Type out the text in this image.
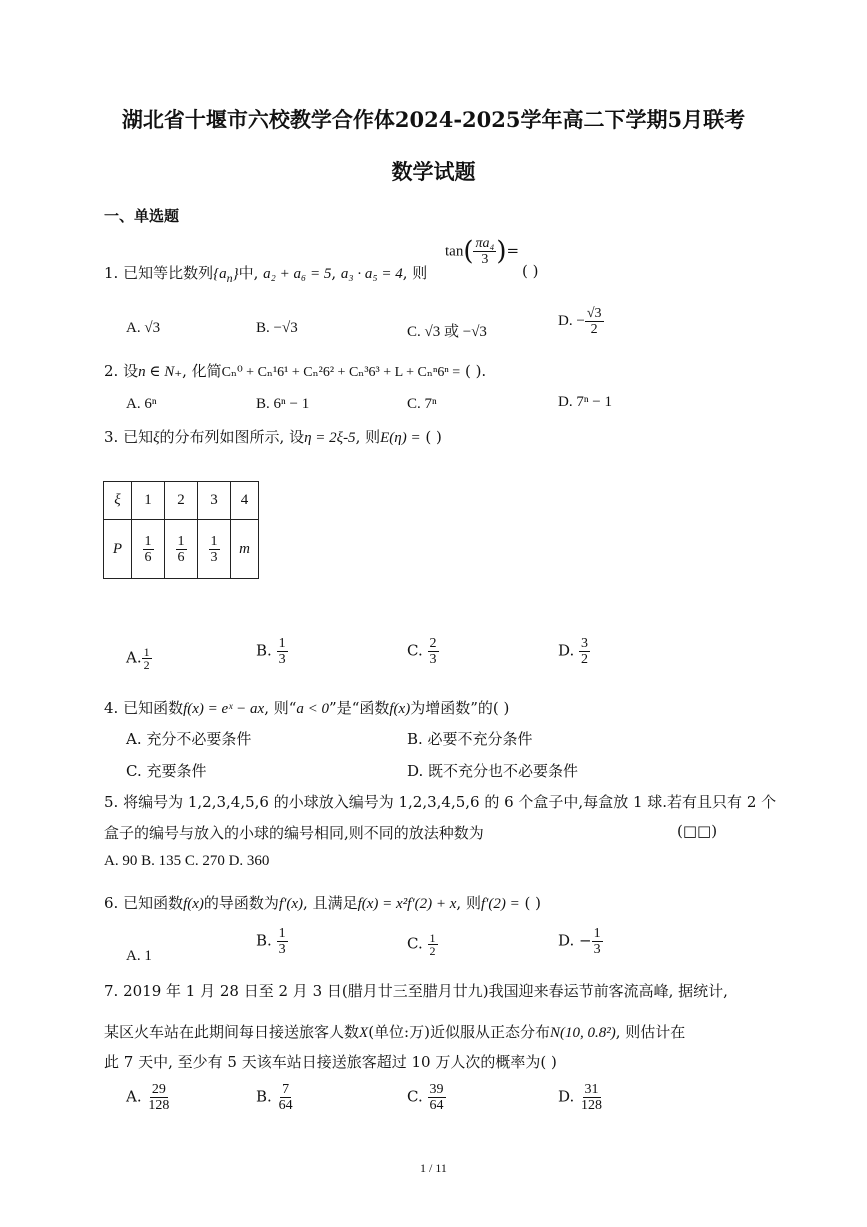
湖北省十堰市六校教学合作体2024-2025学年高二下学期5月联考
数学试题
一、单选题
1. 已知等比数列$\{a_n\}$中, a₂ + a₆ = 5, a₃ · a₅ = 4, 则
$\tan( \frac{\text{πa₄}}{3}$ )=
( )
A. √3	B. −√3	C. √3 或 −√3
D. − $\frac{√3}{2}$
2. 设n ∈ N₊, 化简Cₙ⁰ + Cₙ¹6¹ + Cₙ²6² + Cₙ³6³ + L + Cₙⁿ6ⁿ = ( ).
A. 6ⁿ	B. 6ⁿ − 1	C. 7ⁿ	D. 7ⁿ − 1
3. 已知ξ的分布列如图所示, 设η = 2ξ-5, 则E(η) = ( )
ξ	1	2	3	4
P	$\frac{1}{6}$	$\frac{1}{6}$	$\frac{1}{3}$	m
A. $\frac{1}{2}$	B. $\frac{1}{3}$	C. $\frac{2}{3}$	D. $\frac{3}{2}$
4. 已知函数f(x) = eˣ − ax, 则“a < 0”是“函数f(x)为增函数”的( )
A. 充分不必要条件	B. 必要不充分条件
C. 充要条件	D. 既不充分也不必要条件
5. 将编号为 1,2,3,4,5,6 的小球放入编号为 1,2,3,4,5,6 的 6 个盒子中,每盒放 1 球.若有且只有 2 个
盒子的编号与放入的小球的编号相同,则不同的放法种数为	(□□)
A. 90 B. 135 C. 270 D. 360
6. 已知函数f(x)的导函数为f′(x), 且满足f(x) = x²f′(2) + x, 则f′(2) = ( )
A. 1
B. $\frac{1}{3}$	C. $\frac{1}{2}$	D. − $\frac{1}{3}$
7. 2019 年 1 月 28 日至 2 月 3 日(腊月廿三至腊月廿九)我国迎来春运节前客流高峰, 据统计,
某区火车站在此期间每日接送旅客人数X(单位:万)近似服从正态分布N(10, 0.8²), 则估计在
此 7 天中, 至少有 5 天该车站日接送旅客超过 10 万人次的概率为( )
A. $\frac{29}{128}$	B. $\frac{7}{64}$	C. $\frac{39}{64}$	D. $\frac{31}{128}$
1 / 11
